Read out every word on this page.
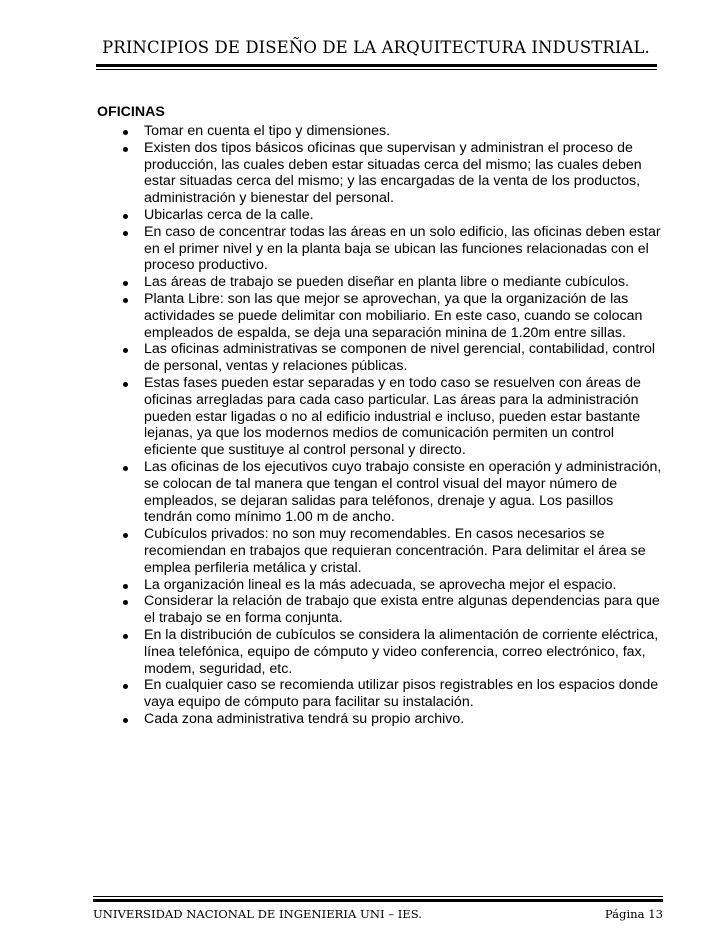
PRINCIPIOS DE DISEÑO DE LA ARQUITECTURA INDUSTRIAL.
OFICINAS
Tomar en cuenta el tipo y dimensiones.
Existen dos tipos básicos oficinas que supervisan y administran el proceso de producción, las cuales deben estar situadas cerca del mismo; las cuales deben estar situadas cerca del mismo; y las encargadas de la venta de los productos, administración y bienestar del personal.
Ubicarlas cerca de la calle.
En caso de concentrar todas las áreas en un solo edificio, las oficinas deben estar en el primer nivel y en la planta baja se ubican las funciones relacionadas con el proceso productivo.
Las áreas de trabajo se pueden diseñar en planta libre o mediante cubículos.
Planta Libre: son las que mejor se aprovechan, ya que la organización de las actividades se puede delimitar con mobiliario. En este caso, cuando se colocan empleados de espalda, se deja una separación minina de 1.20m entre sillas.
Las oficinas administrativas se componen de nivel gerencial, contabilidad, control de personal, ventas y relaciones públicas.
Estas fases pueden estar separadas y en todo caso se resuelven con áreas de oficinas arregladas para cada caso particular. Las áreas para la administración pueden estar ligadas o no al edificio industrial e incluso, pueden estar bastante lejanas, ya que los modernos medios de comunicación permiten un control eficiente que sustituye al control personal y directo.
Las oficinas de los ejecutivos cuyo trabajo consiste en operación y administración, se colocan de tal manera que tengan el control visual del mayor número de empleados, se dejaran salidas para teléfonos, drenaje y agua. Los pasillos tendrán como mínimo 1.00 m de ancho.
Cubículos privados: no son muy recomendables. En casos necesarios se recomiendan en trabajos que requieran concentración. Para delimitar el área se emplea perfileria metálica y cristal.
La organización lineal es la más adecuada, se aprovecha mejor el espacio.
Considerar la relación de trabajo que exista entre algunas dependencias para que el trabajo se en forma conjunta.
En la distribución de cubículos se considera la alimentación de corriente eléctrica, línea telefónica, equipo de cómputo y video conferencia, correo electrónico, fax, modem, seguridad, etc.
En cualquier caso se recomienda utilizar pisos registrables en los espacios donde vaya equipo de cómputo para facilitar su instalación.
Cada zona administrativa tendrá su propio archivo.
UNIVERSIDAD NACIONAL DE INGENIERIA UNI – IES.	Página 13
